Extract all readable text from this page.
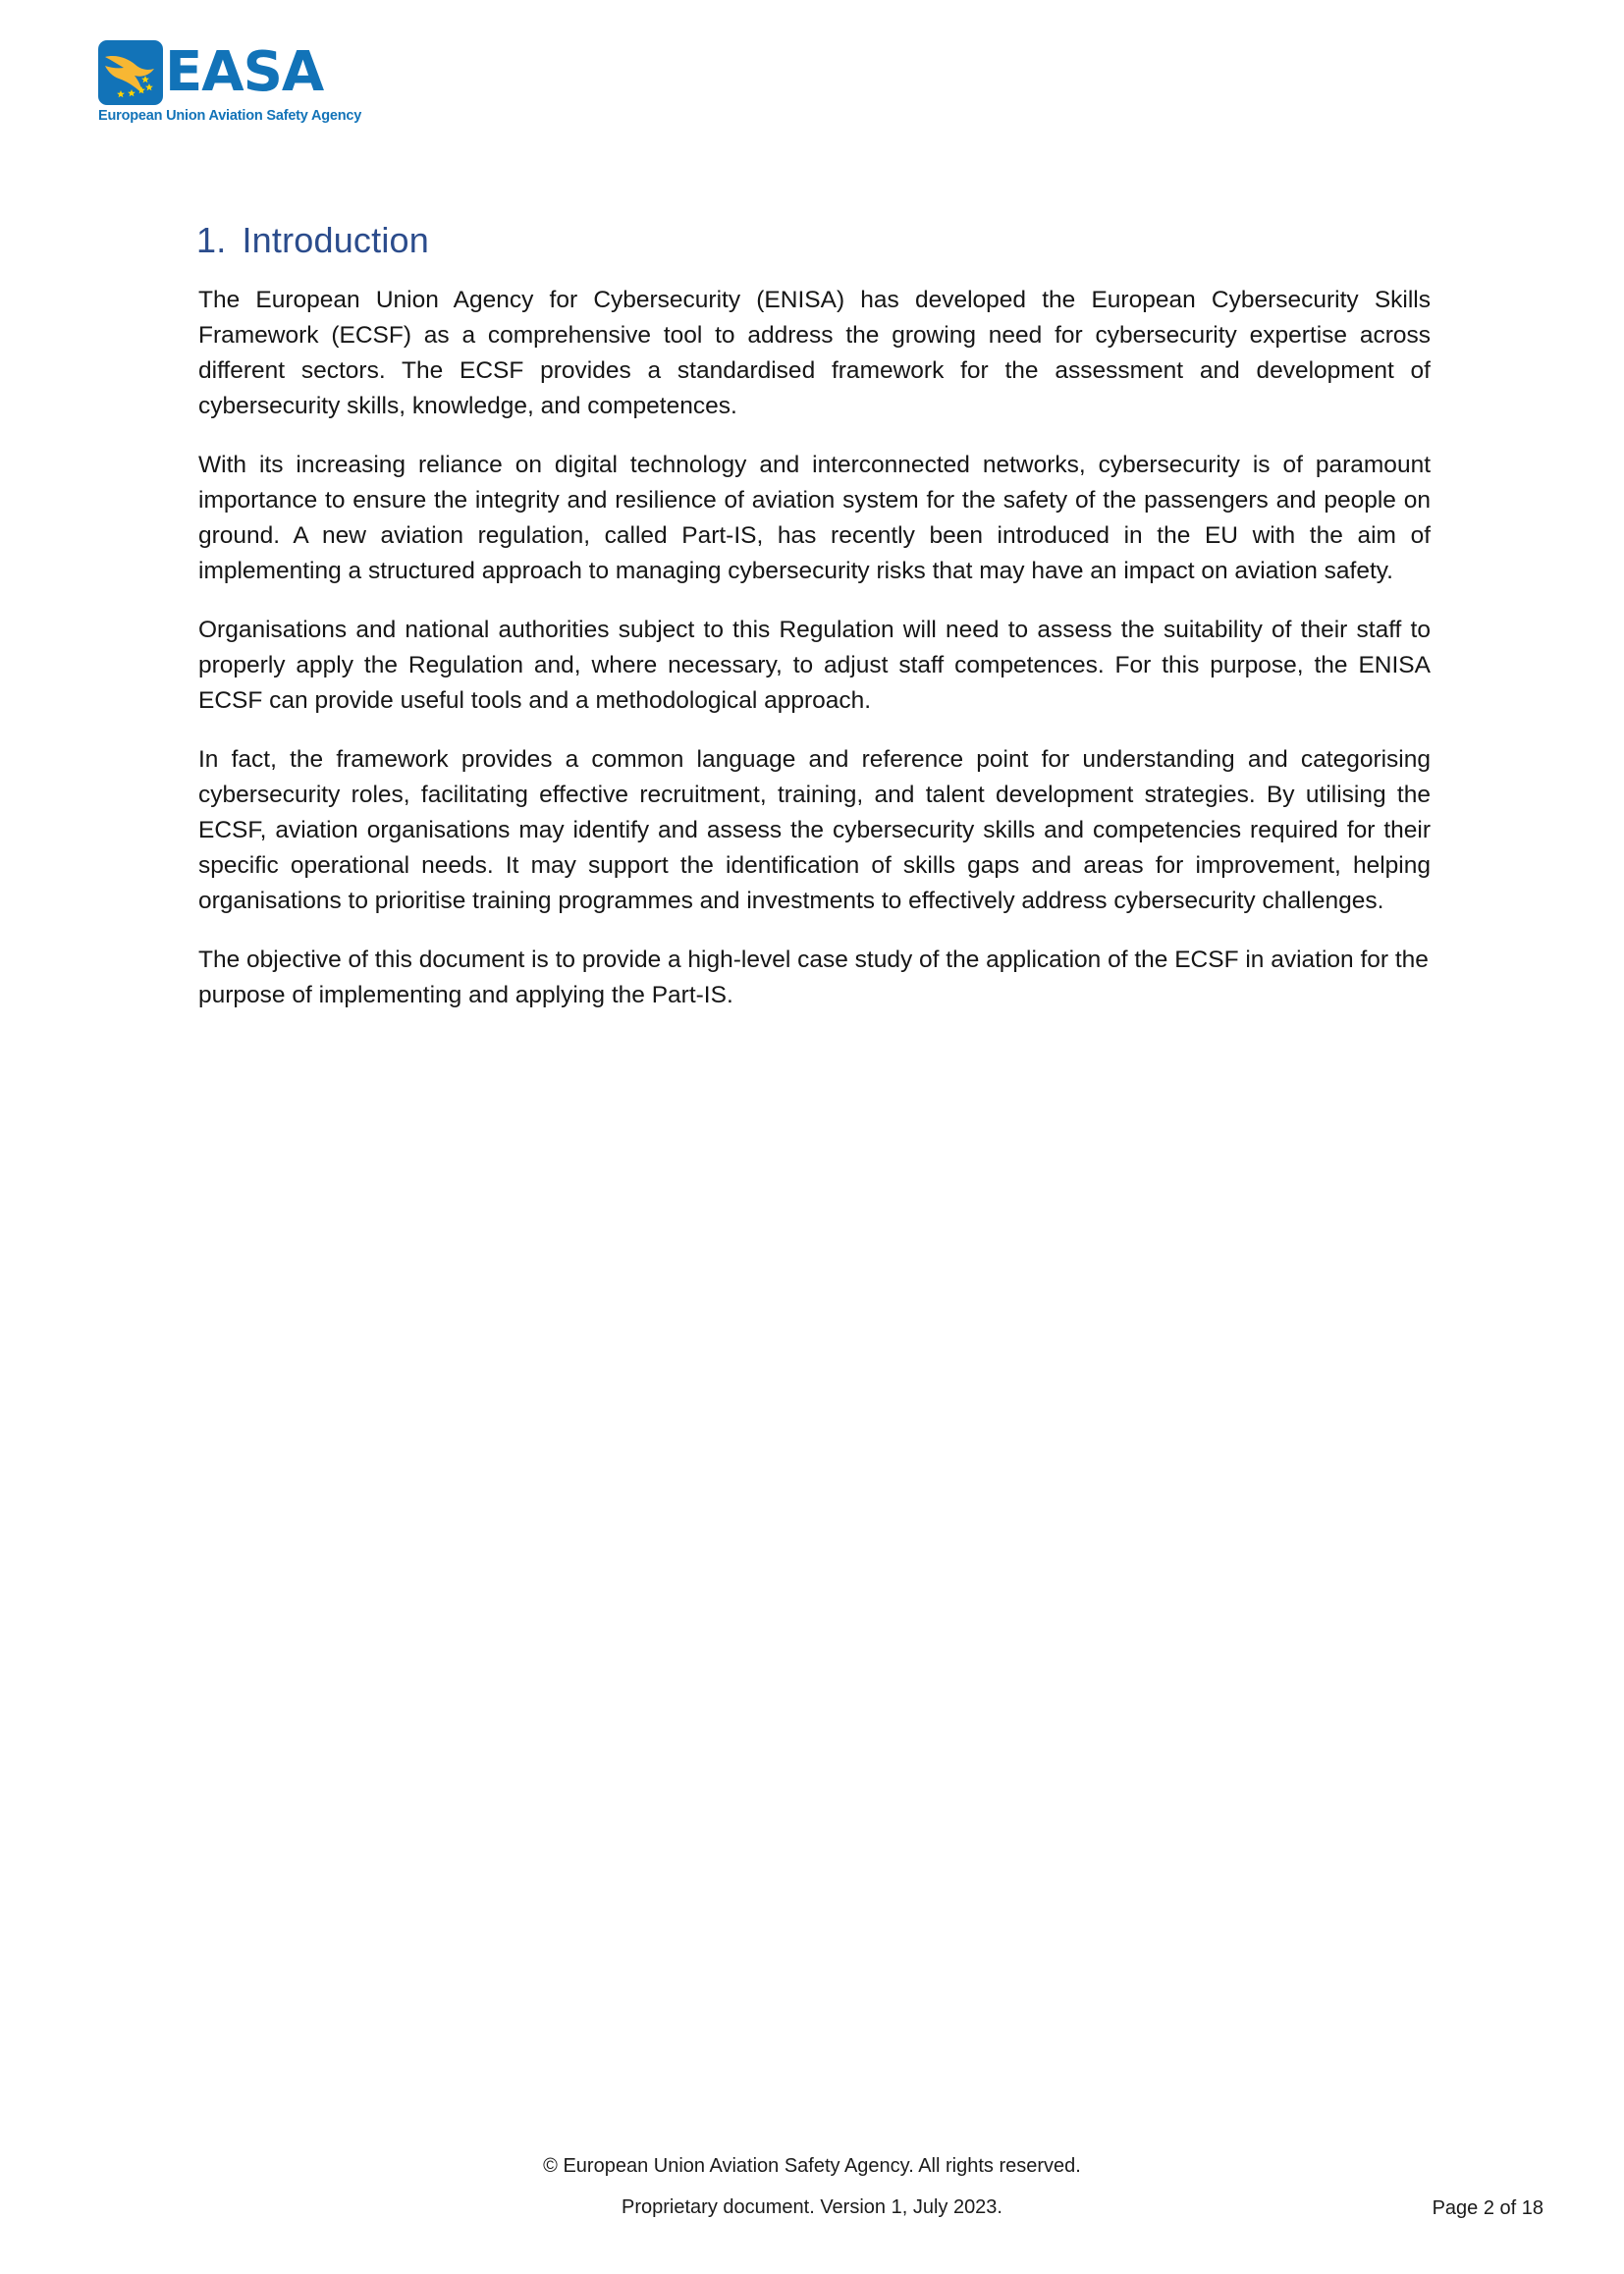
EASA
European Union Aviation Safety Agency
1. Introduction

The European Union Agency for Cybersecurity (ENISA) has developed the European Cybersecurity Skills Framework (ECSF) as a comprehensive tool to address the growing need for cybersecurity expertise across different sectors. The ECSF provides a standardised framework for the assessment and development of cybersecurity skills, knowledge, and competences.

With its increasing reliance on digital technology and interconnected networks, cybersecurity is of paramount importance to ensure the integrity and resilience of aviation system for the safety of the passengers and people on ground. A new aviation regulation, called Part-IS, has recently been introduced in the EU with the aim of implementing a structured approach to managing cybersecurity risks that may have an impact on aviation safety.

Organisations and national authorities subject to this Regulation will need to assess the suitability of their staff to properly apply the Regulation and, where necessary, to adjust staff competences. For this purpose, the ENISA ECSF can provide useful tools and a methodological approach.

In fact, the framework provides a common language and reference point for understanding and categorising cybersecurity roles, facilitating effective recruitment, training, and talent development strategies. By utilising the ECSF, aviation organisations may identify and assess the cybersecurity skills and competencies required for their specific operational needs. It may support the identification of skills gaps and areas for improvement, helping organisations to prioritise training programmes and investments to effectively address cybersecurity challenges.

The objective of this document is to provide a high-level case study of the application of the ECSF in aviation for the purpose of implementing and applying the Part-IS.

© European Union Aviation Safety Agency. All rights reserved.
Proprietary document. Version 1, July 2023.	Page 2 of 18
